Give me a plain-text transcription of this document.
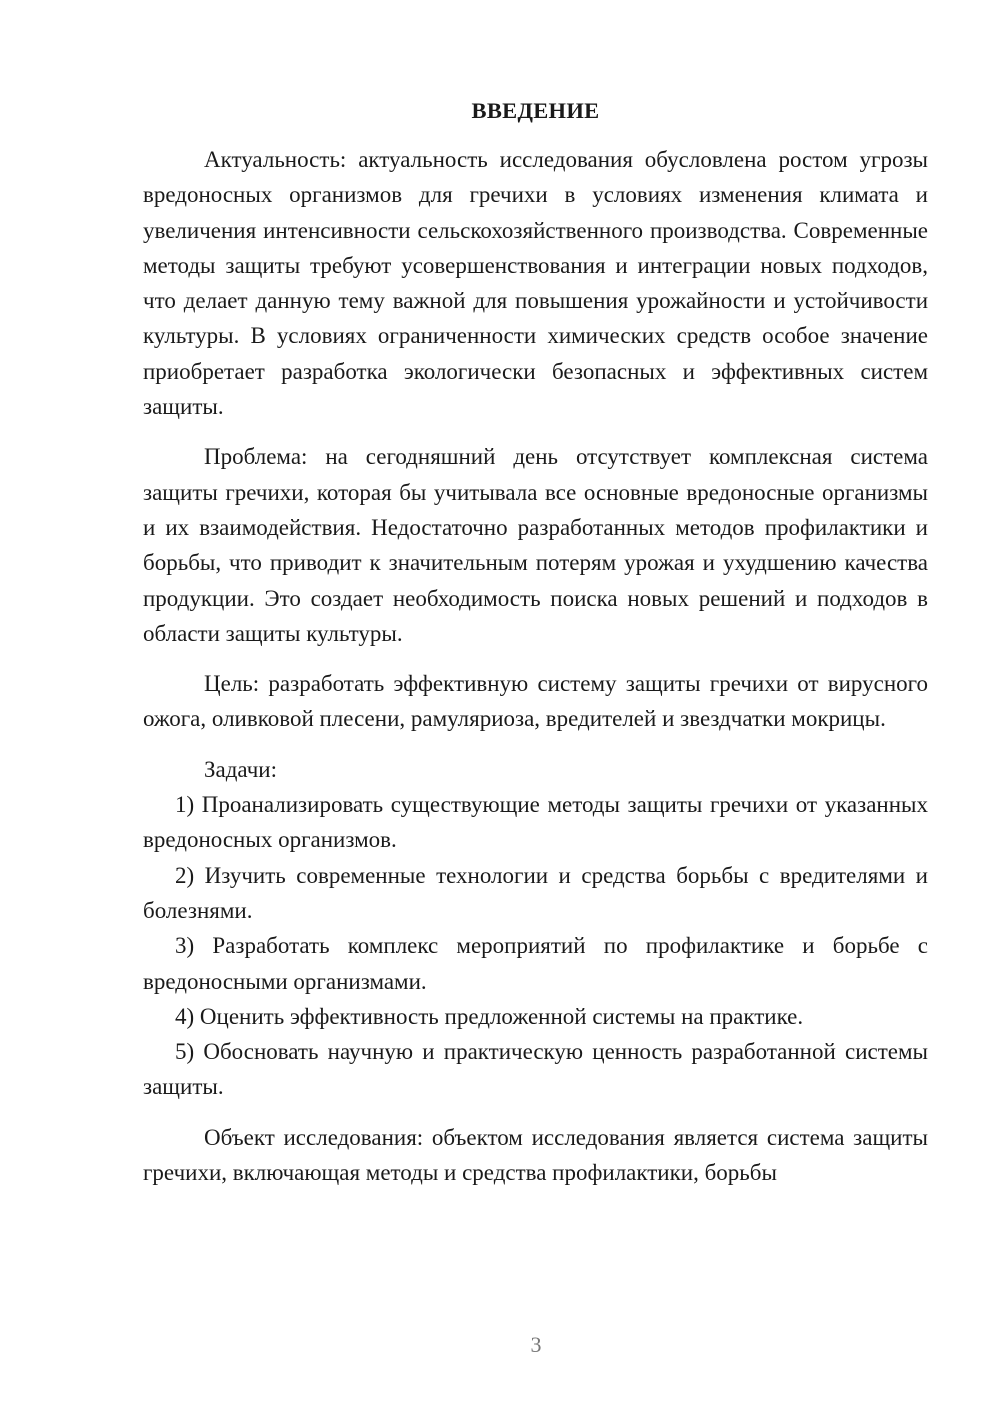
ВВЕДЕНИЕ

Актуальность: актуальность исследования обусловлена ростом угрозы вредоносных организмов для гречихи в условиях изменения климата и увеличения интенсивности сельскохозяйственного производства. Современные методы защиты требуют усовершенствования и интеграции новых подходов, что делает данную тему важной для повышения урожайности и устойчивости культуры. В условиях ограниченности химических средств особое значение приобретает разработка экологически безопасных и эффективных систем защиты.

Проблема: на сегодняшний день отсутствует комплексная система защиты гречихи, которая бы учитывала все основные вредоносные организмы и их взаимодействия. Недостаточно разработанных методов профилактики и борьбы, что приводит к значительным потерям урожая и ухудшению качества продукции. Это создает необходимость поиска новых решений и подходов в области защиты культуры.

Цель: разработать эффективную систему защиты гречихи от вирусного ожога, оливковой плесени, рамуляриоза, вредителей и звездчатки мокрицы.

Задачи:

1) Проанализировать существующие методы защиты гречихи от указанных вредоносных организмов.

2) Изучить современные технологии и средства борьбы с вредителями и болезнями.

3) Разработать комплекс мероприятий по профилактике и борьбе с вредоносными организмами.

4) Оценить эффективность предложенной системы на практике.

5) Обосновать научную и практическую ценность разработанной системы защиты.

Объект исследования: объектом исследования является система защиты гречихи, включающая методы и средства профилактики, борьбы

3
